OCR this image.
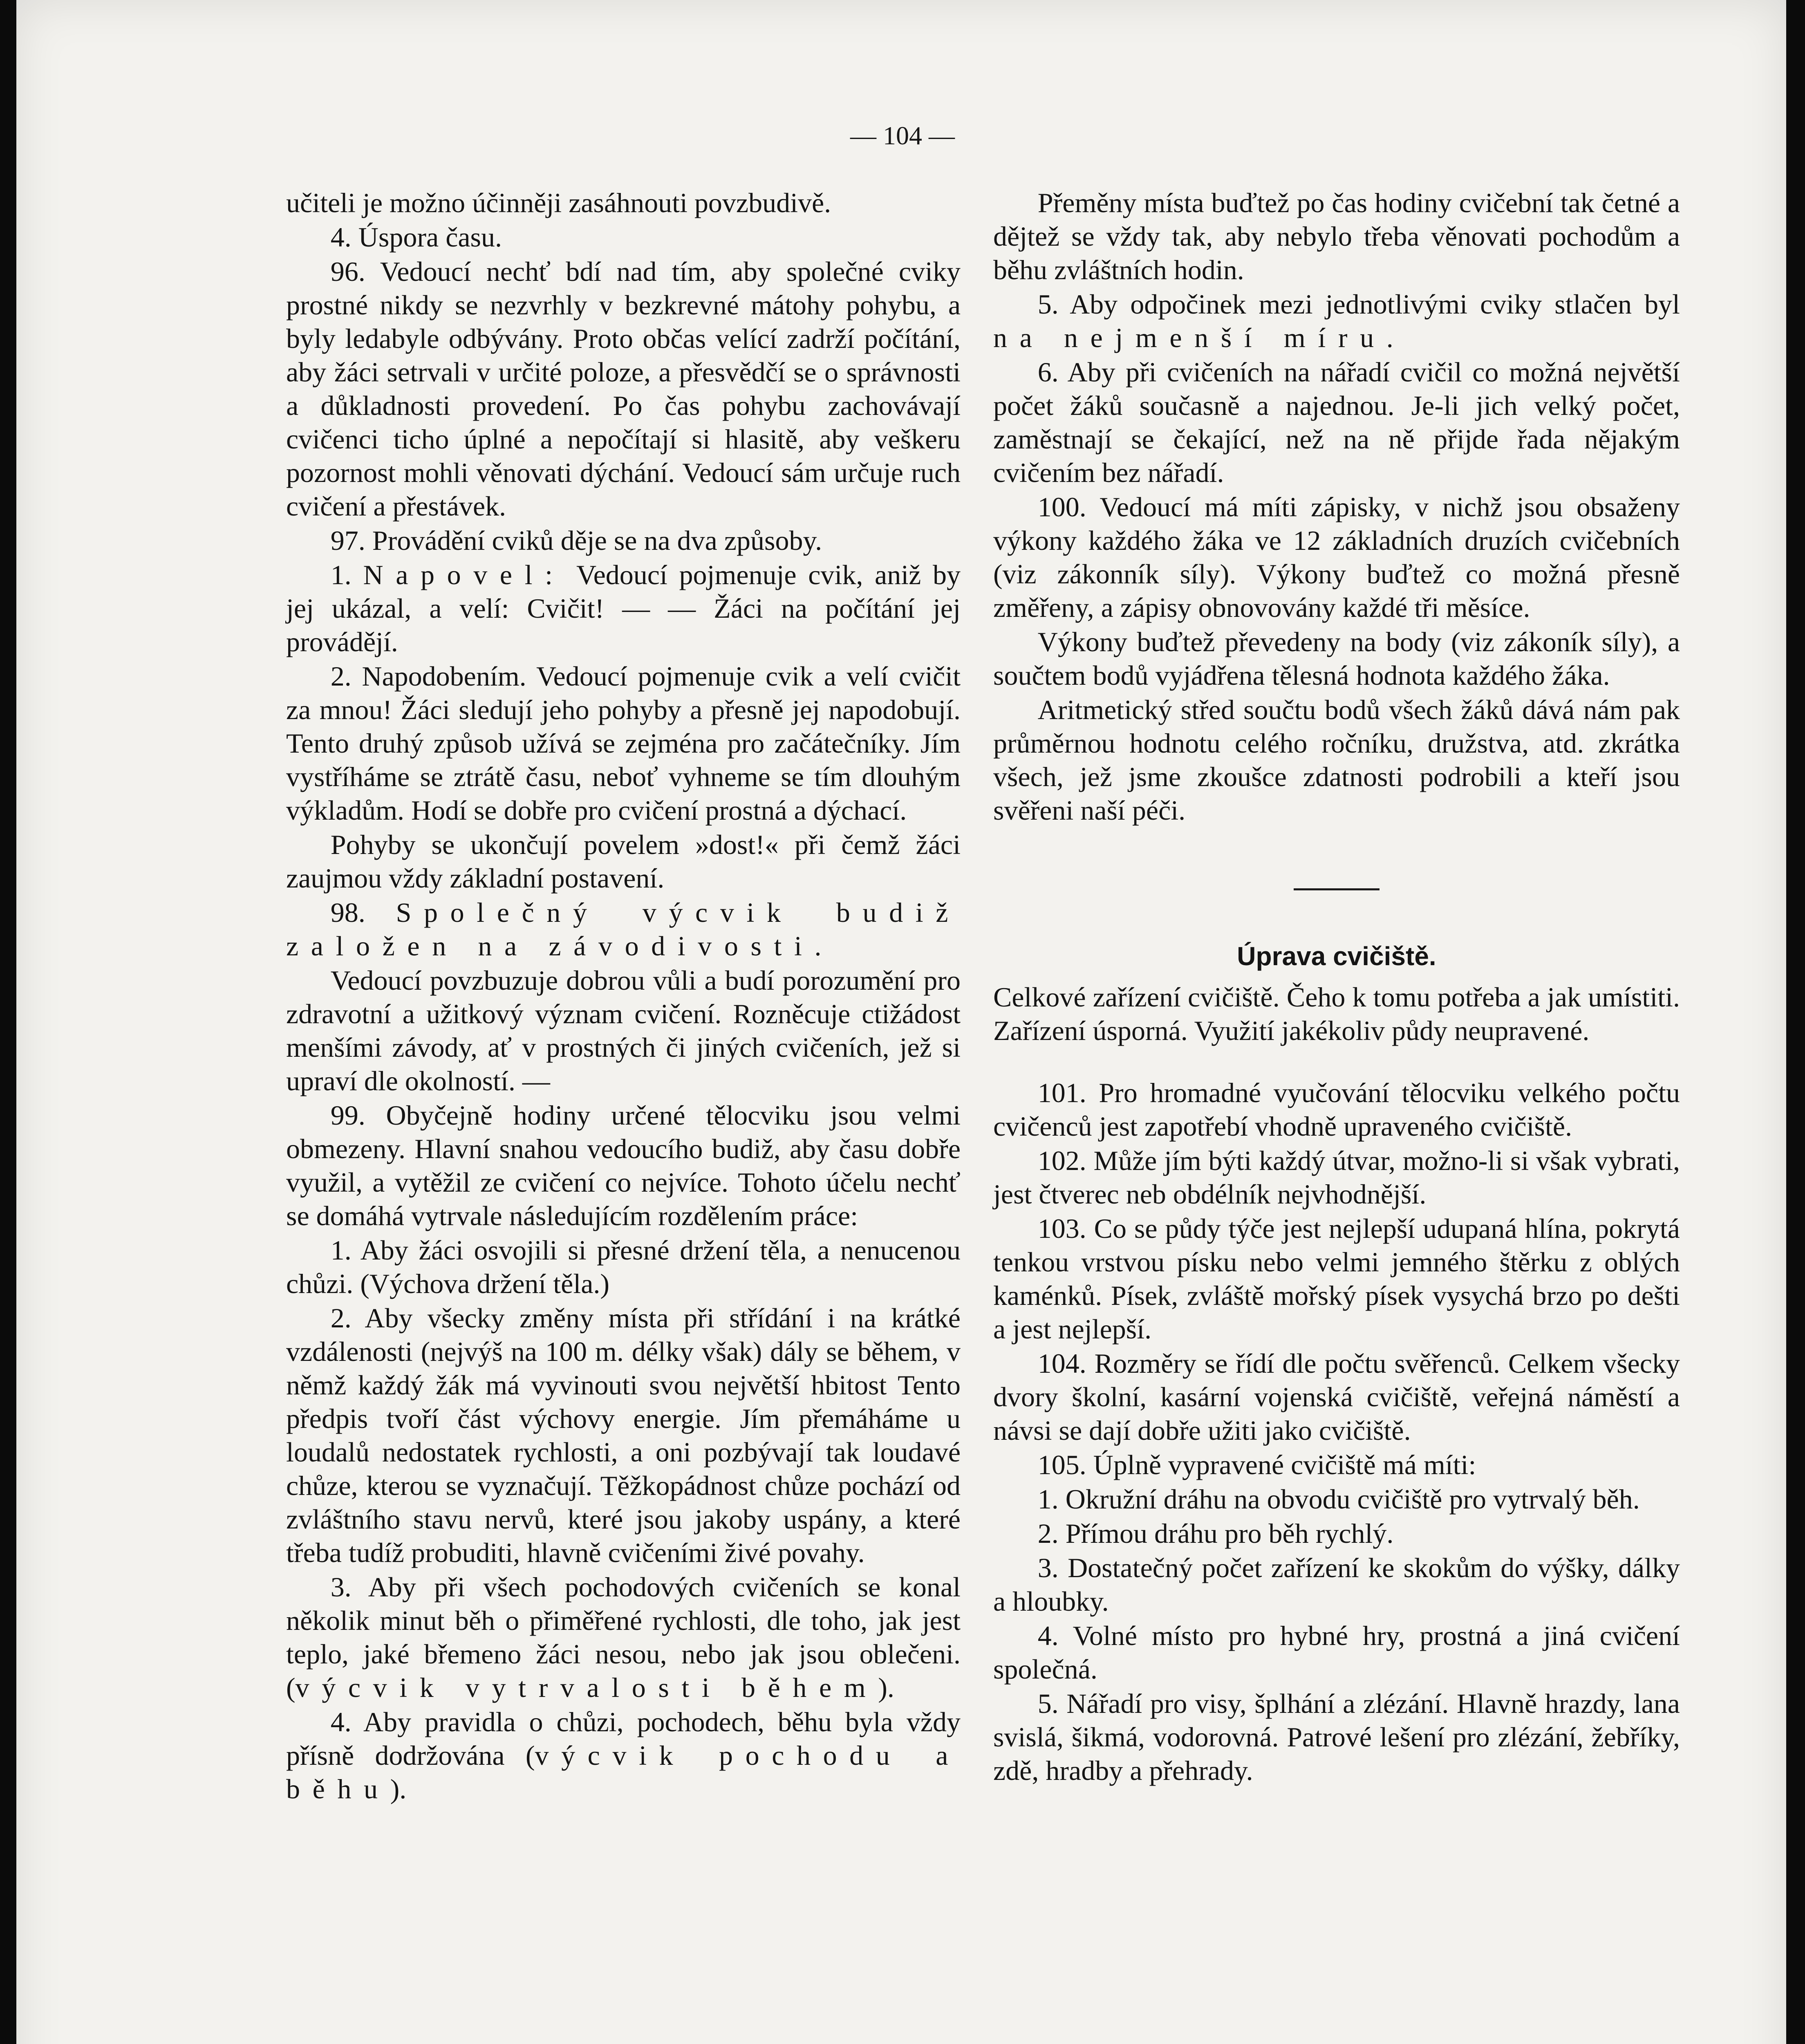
— 104 —

učiteli je možno účinněji zasáhnouti povzbudivě.

4. Úspora času.

96. Vedoucí nechť bdí nad tím, aby společné cviky prostné nikdy se nezvrhly v bezkrevné mátohy pohybu, a byly ledabyle odbývány. Proto občas velící zadrží počítání, aby žáci setrvali v určité poloze, a přesvědčí se o správnosti a důkladnosti provedení. Po čas pohybu zachovávají cvičenci ticho úplné a nepočítají si hlasitě, aby veškeru pozornost mohli věnovati dýchání. Vedoucí sám určuje ruch cvičení a přestávek.

97. Provádění cviků děje se na dva způsoby.

1. Napovel: Vedoucí pojmenuje cvik, aniž by jej ukázal, a velí: Cvičit! — — Žáci na počítání jej provádějí.

2. Napodobením. Vedoucí pojmenuje cvik a velí cvičit za mnou! Žáci sledují jeho pohyby a přesně jej napodobují. Tento druhý způsob užívá se zejména pro začátečníky. Jím vystříháme se ztrátě času, neboť vyhneme se tím dlouhým výkladům. Hodí se dobře pro cvičení prostná a dýchací.

Pohyby se ukončují povelem »dost!« při čemž žáci zaujmou vždy základní postavení.

98. Společný výcvik budiž založen na závodivosti.

Vedoucí povzbuzuje dobrou vůli a budí porozumění pro zdravotní a užitkový význam cvičení. Rozněcuje ctižádost menšími závody, ať v prostných či jiných cvičeních, jež si upraví dle okolností. —

99. Obyčejně hodiny určené tělocviku jsou velmi obmezeny. Hlavní snahou vedoucího budiž, aby času dobře využil, a vytěžil ze cvičení co nejvíce. Tohoto účelu nechť se domáhá vytrvale následujícím rozdělením práce:

1. Aby žáci osvojili si přesné držení těla, a nenucenou chůzi. (Výchova držení těla.)

2. Aby všecky změny místa při střídání i na krátké vzdálenosti (nejvýš na 100 m. délky však) dály se během, v němž každý žák má vyvinouti svou největší hbitost Tento předpis tvoří část výchovy energie. Jím přemáháme u loudalů nedostatek rychlosti, a oni pozbývají tak loudavé chůze, kterou se vyznačují. Těžkopádnost chůze pochází od zvláštního stavu nervů, které jsou jakoby uspány, a které třeba tudíž probuditi, hlavně cvičeními živé povahy.

3. Aby při všech pochodových cvičeních se konal několik minut běh o přiměřené rychlosti, dle toho, jak jest teplo, jaké břemeno žáci nesou, nebo jak jsou oblečeni. (výcvik vytrvalosti během).

4. Aby pravidla o chůzi, pochodech, běhu byla vždy přísně dodržována (výcvik pochodu a běhu).

Přeměny místa buďtež po čas hodiny cvičební tak četné a dějtež se vždy tak, aby nebylo třeba věnovati pochodům a běhu zvláštních hodin.

5. Aby odpočinek mezi jednotlivými cviky stlačen byl na nejmenší míru.

6. Aby při cvičeních na nářadí cvičil co možná největší počet žáků současně a najednou. Je-li jich velký počet, zaměstnají se čekající, než na ně přijde řada nějakým cvičením bez nářadí.

100. Vedoucí má míti zápisky, v nichž jsou obsaženy výkony každého žáka ve 12 základních druzích cvičebních (viz zákonník síly). Výkony buďtež co možná přesně změřeny, a zápisy obnovovány každé tři měsíce.

Výkony buďtež převedeny na body (viz zákoník síly), a součtem bodů vyjádřena tělesná hodnota každého žáka.

Aritmetický střed součtu bodů všech žáků dává nám pak průměrnou hodnotu celého ročníku, družstva, atd. zkrátka všech, jež jsme zkoušce zdatnosti podrobili a kteří jsou svěřeni naší péči.

Úprava cvičiště.

Celkové zařízení cvičiště. Čeho k tomu potřeba a jak umístiti. Zařízení úsporná. Využití jakékoliv půdy neupravené.

101. Pro hromadné vyučování tělocviku velkého počtu cvičenců jest zapotřebí vhodně upraveného cvičiště.

102. Může jím býti každý útvar, možno-li si však vybrati, jest čtverec neb obdélník nejvhodnější.

103. Co se půdy týče jest nejlepší udupaná hlína, pokrytá tenkou vrstvou písku nebo velmi jemného štěrku z oblých kaménků. Písek, zvláště mořský písek vysychá brzo po dešti a jest nejlepší.

104. Rozměry se řídí dle počtu svěřenců. Celkem všecky dvory školní, kasární vojenská cvičiště, veřejná náměstí a návsi se dají dobře užiti jako cvičiště.

105. Úplně vypravené cvičiště má míti:

1. Okružní dráhu na obvodu cvičiště pro vytrvalý běh.

2. Přímou dráhu pro běh rychlý.

3. Dostatečný počet zařízení ke skokům do výšky, dálky a hloubky.

4. Volné místo pro hybné hry, prostná a jiná cvičení společná.

5. Nářadí pro visy, šplhání a zlézání. Hlavně hrazdy, lana svislá, šikmá, vodorovná. Patrové lešení pro zlézání, žebříky, zdě, hradby a přehrady.
